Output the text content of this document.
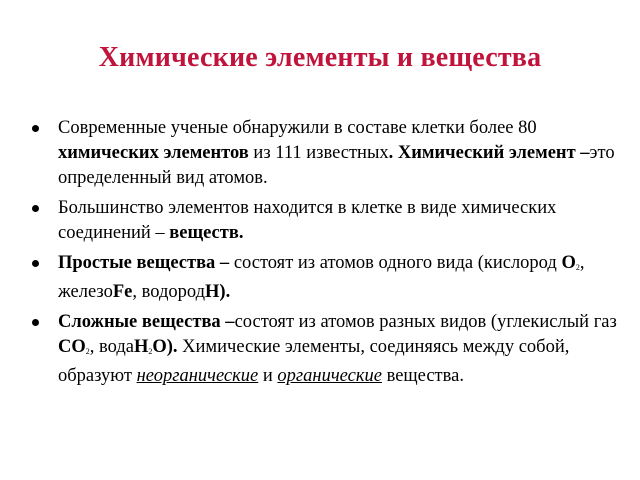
Химические элементы и вещества
Современные ученые обнаружили в составе клетки более 80 химических элементов из 111 известных. Химический элемент –это определенный вид атомов.
Большинство элементов находится в клетке в виде химических соединений – веществ.
Простые вещества – состоят из атомов одного вида (кислород $О_2$, железоFe, водородН).
Сложные вещества –состоят из атомов разных видов (углекислый газ $СО_2$, водаН$_2$О). Химические элементы, соединяясь между собой, образуют неорганические и органические вещества.
